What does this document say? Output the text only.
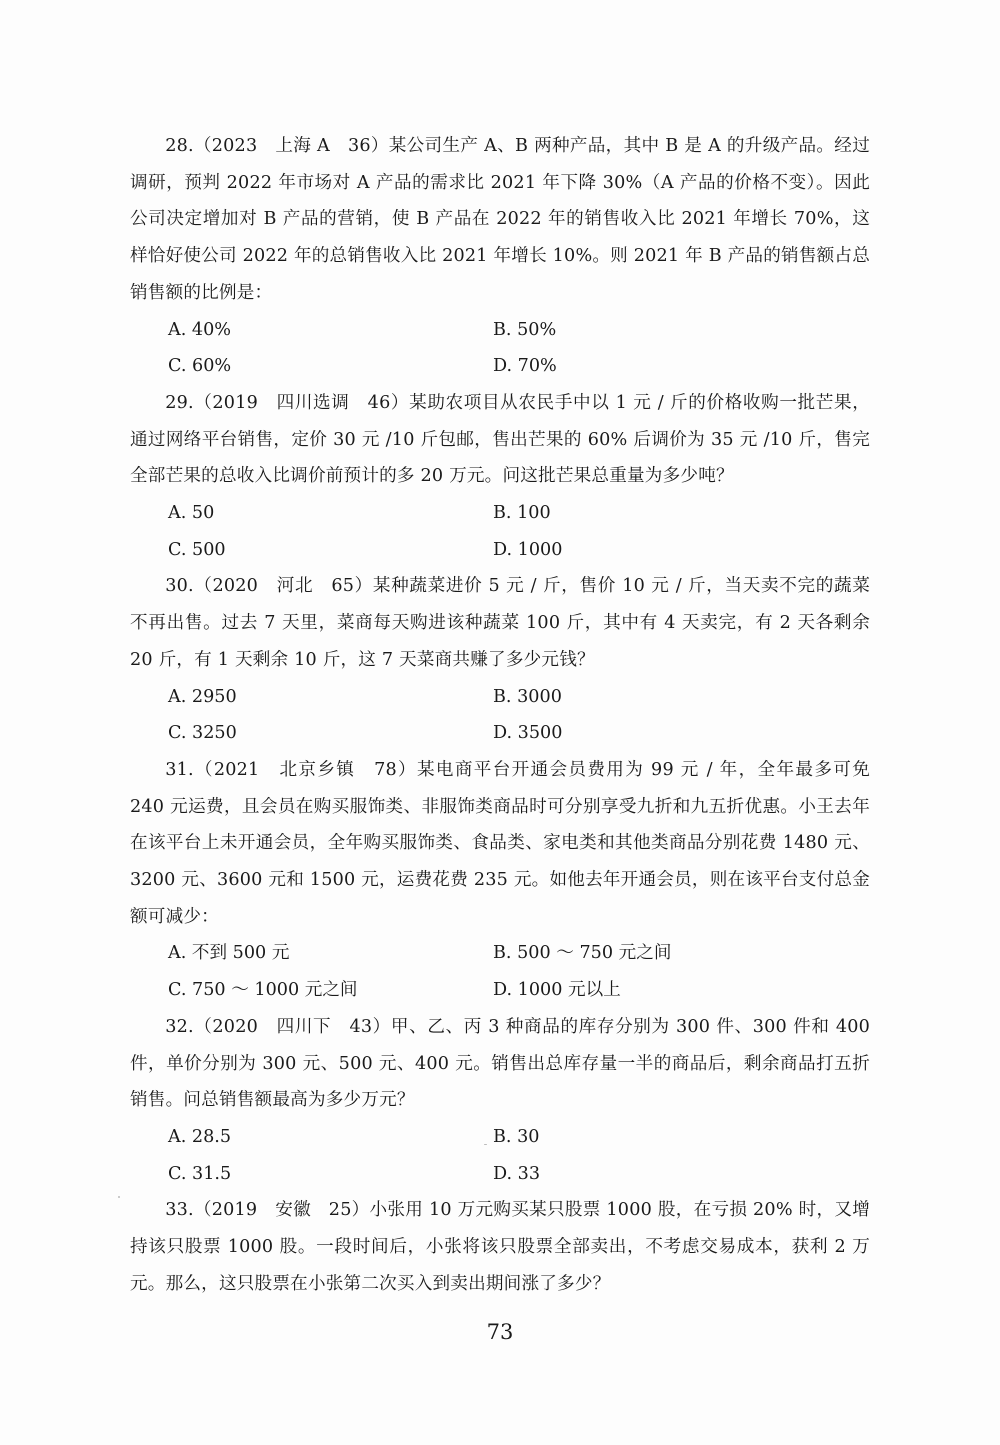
28.（2023　上海 A　36）某公司生产 A、B 两种产品，其中 B 是 A 的升级产品。经过调研，预判 2022 年市场对 A 产品的需求比 2021 年下降 30%（A 产品的价格不变）。因此公司决定增加对 B 产品的营销，使 B 产品在 2022 年的销售收入比 2021 年增长 70%，这样恰好使公司 2022 年的总销售收入比 2021 年增长 10%。则 2021 年 B 产品的销售额占总销售额的比例是：

A. 40%	B. 50%
C. 60%	D. 70%

29.（2019　四川选调　46）某助农项目从农民手中以 1 元 / 斤的价格收购一批芒果，通过网络平台销售，定价 30 元 /10 斤包邮，售出芒果的 60% 后调价为 35 元 /10 斤，售完全部芒果的总收入比调价前预计的多 20 万元。问这批芒果总重量为多少吨？

A. 50	B. 100
C. 500	D. 1000

30.（2020　河北　65）某种蔬菜进价 5 元 / 斤，售价 10 元 / 斤，当天卖不完的蔬菜不再出售。过去 7 天里，菜商每天购进该种蔬菜 100 斤，其中有 4 天卖完，有 2 天各剩余 20 斤，有 1 天剩余 10 斤，这 7 天菜商共赚了多少元钱？

A. 2950	B. 3000
C. 3250	D. 3500

31.（2021　北京乡镇　78）某电商平台开通会员费用为 99 元 / 年，全年最多可免 240 元运费，且会员在购买服饰类、非服饰类商品时可分别享受九折和九五折优惠。小王去年在该平台上未开通会员，全年购买服饰类、食品类、家电类和其他类商品分别花费 1480 元、3200 元、3600 元和 1500 元，运费花费 235 元。如他去年开通会员，则在该平台支付总金额可减少：

A. 不到 500 元	B. 500 ～ 750 元之间
C. 750 ～ 1000 元之间	D. 1000 元以上

32.（2020　四川下　43）甲、乙、丙 3 种商品的库存分别为 300 件、300 件和 400 件，单价分别为 300 元、500 元、400 元。销售出总库存量一半的商品后，剩余商品打五折销售。问总销售额最高为多少万元？

A. 28.5	B. 30
C. 31.5	D. 33

33.（2019　安徽　25）小张用 10 万元购买某只股票 1000 股，在亏损 20% 时，又增持该只股票 1000 股。一段时间后，小张将该只股票全部卖出，不考虑交易成本，获利 2 万元。那么，这只股票在小张第二次买入到卖出期间涨了多少？

73
